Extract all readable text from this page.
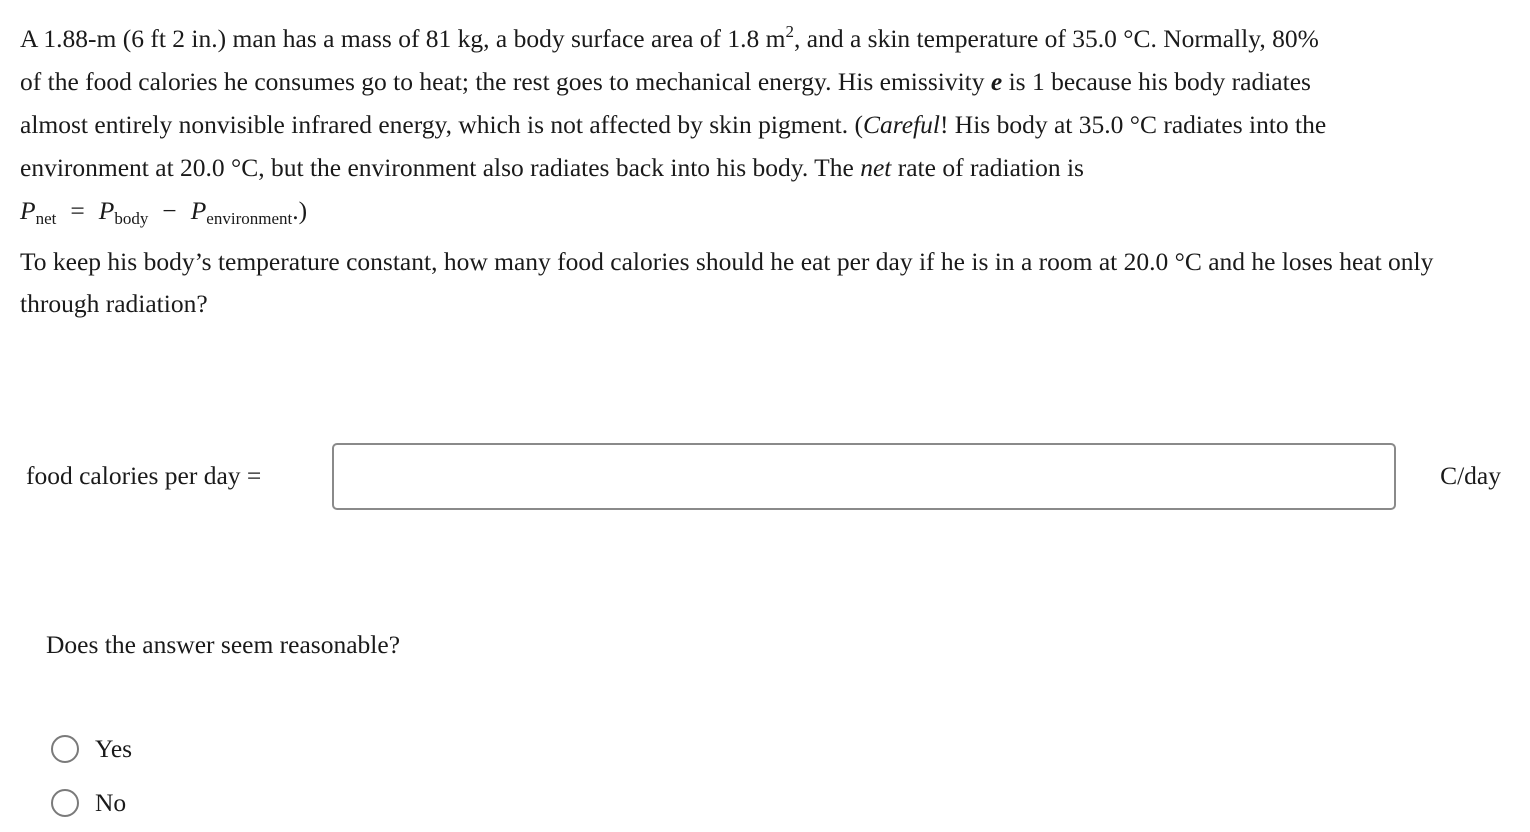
A 1.88-m (6 ft 2 in.) man has a mass of 81 kg, a body surface area of 1.8 $m^2$, and a skin temperature of 35.0 °C. Normally, 80%

of the food calories he consumes go to heat; the rest goes to mechanical energy. His emissivity e is 1 because his body radiates

almost entirely nonvisible infrared energy, which is not affected by skin pigment. (Careful! His body at 35.0 °C radiates into the

environment at 20.0 °C, but the environment also radiates back into his body. The net rate of radiation is

$P_{net} = P_{body} - P_{environment}$.)

To keep his body’s temperature constant, how many food calories should he eat per day if he is in a room at 20.0 °C and he loses heat only through radiation?
food calories per day =	C/day
Does the answer seem reasonable?
Yes
No
